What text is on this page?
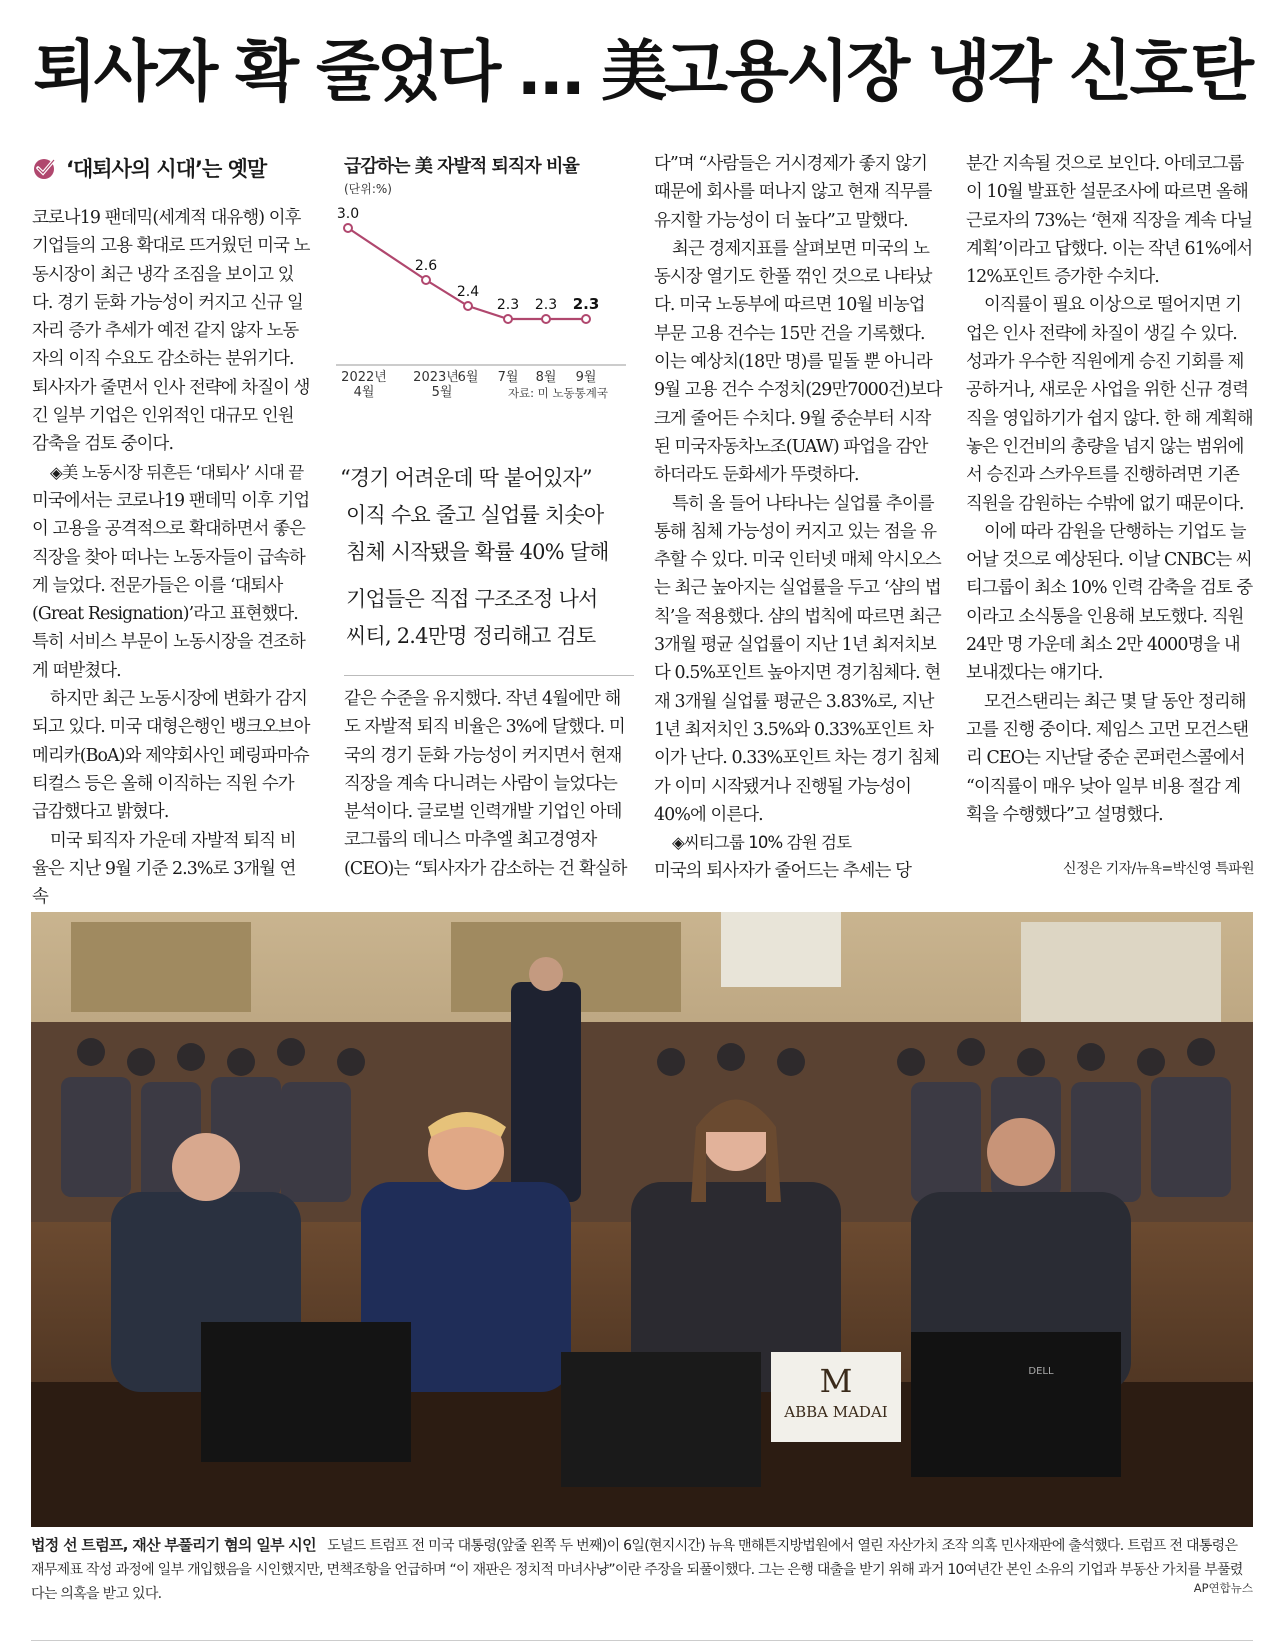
퇴사자 확 줄었다 … 美고용시장 냉각 신호탄
‘대퇴사의 시대’는 옛말

코로나19 팬데믹(세계적 대유행) 이후 기업들의 고용 확대로 뜨거웠던 미국 노동시장이 최근 냉각 조짐을 보이고 있다. 경기 둔화 가능성이 커지고 신규 일자리 증가 추세가 예전 같지 않자 노동자의 이직 수요도 감소하는 분위기다. 퇴사자가 줄면서 인사 전략에 차질이 생긴 일부 기업은 인위적인 대규모 인원 감축을 검토 중이다.

◈美 노동시장 뒤흔든 ‘대퇴사’ 시대 끝

미국에서는 코로나19 팬데믹 이후 기업이 고용을 공격적으로 확대하면서 좋은 직장을 찾아 떠나는 노동자들이 급속하게 늘었다. 전문가들은 이를 ‘대퇴사(Great Resignation)’라고 표현했다. 특히 서비스 부문이 노동시장을 견조하게 떠받쳤다.

하지만 최근 노동시장에 변화가 감지되고 있다. 미국 대형은행인 뱅크오브아메리카(BoA)와 제약회사인 페링파마슈티컬스 등은 올해 이직하는 직원 수가 급감했다고 밝혔다.

미국 퇴직자 가운데 자발적 퇴직 비율은 지난 9월 기준 2.3%로 3개월 연속

급감하는 美 자발적 퇴직자 비율
(단위:%)
3.0
4월
2.6
5월
2.4
6월
2.3
7월
2.3
8월
2.3
9월
2022년 2023년
자료: 미 노동통계국
“경기 어려운데 딱 붙어있자”
이직 수요 줄고 실업률 치솟아
침체 시작됐을 확률 40% 달해
기업들은 직접 구조조정 나서
씨티, 2.4만명 정리해고 검토

같은 수준을 유지했다. 작년 4월에만 해도 자발적 퇴직 비율은 3%에 달했다. 미국의 경기 둔화 가능성이 커지면서 현재 직장을 계속 다니려는 사람이 늘었다는 분석이다. 글로벌 인력개발 기업인 아데코그룹의 데니스 마추엘 최고경영자(CEO)는 “퇴사자가 감소하는 건 확실하

다”며 “사람들은 거시경제가 좋지 않기 때문에 회사를 떠나지 않고 현재 직무를 유지할 가능성이 더 높다”고 말했다.

최근 경제지표를 살펴보면 미국의 노동시장 열기도 한풀 꺾인 것으로 나타났다. 미국 노동부에 따르면 10월 비농업 부문 고용 건수는 15만 건을 기록했다. 이는 예상치(18만 명)를 밑돌 뿐 아니라 9월 고용 건수 수정치(29만7000건)보다 크게 줄어든 수치다. 9월 중순부터 시작된 미국자동차노조(UAW) 파업을 감안하더라도 둔화세가 뚜렷하다.

특히 올 들어 나타나는 실업률 추이를 통해 침체 가능성이 커지고 있는 점을 유추할 수 있다. 미국 인터넷 매체 악시오스는 최근 높아지는 실업률을 두고 ‘샴의 법칙’을 적용했다. 샴의 법칙에 따르면 최근 3개월 평균 실업률이 지난 1년 최저치보다 0.5%포인트 높아지면 경기침체다. 현재 3개월 실업률 평균은 3.83%로, 지난 1년 최저치인 3.5%와 0.33%포인트 차이가 난다. 0.33%포인트 차는 경기 침체가 이미 시작됐거나 진행될 가능성이 40%에 이른다.

◈씨티그룹 10% 감원 검토

미국의 퇴사자가 줄어드는 추세는 당

분간 지속될 것으로 보인다. 아데코그룹이 10월 발표한 설문조사에 따르면 올해 근로자의 73%는 ‘현재 직장을 계속 다닐 계획’이라고 답했다. 이는 작년 61%에서 12%포인트 증가한 수치다.

이직률이 필요 이상으로 떨어지면 기업은 인사 전략에 차질이 생길 수 있다. 성과가 우수한 직원에게 승진 기회를 제공하거나, 새로운 사업을 위한 신규 경력직을 영입하기가 쉽지 않다. 한 해 계획해 놓은 인건비의 총량을 넘지 않는 범위에서 승진과 스카우트를 진행하려면 기존 직원을 감원하는 수밖에 없기 때문이다.

이에 따라 감원을 단행하는 기업도 늘어날 것으로 예상된다. 이날 CNBC는 씨티그룹이 최소 10% 인력 감축을 검토 중이라고 소식통을 인용해 보도했다. 직원 24만 명 가운데 최소 2만 4000명을 내보내겠다는 얘기다.

모건스탠리는 최근 몇 달 동안 정리해고를 진행 중이다. 제임스 고먼 모건스탠리 CEO는 지난달 중순 콘퍼런스콜에서 “이직률이 매우 낮아 일부 비용 절감 계획을 수행했다”고 설명했다.

신정은 기자/뉴욕=박신영 특파원
M
ABBA MADAI
DELL
법정 선 트럼프, 재산 부풀리기 혐의 일부 시인 도널드 트럼프 전 미국 대통령(앞줄 왼쪽 두 번째)이 6일(현지시간) 뉴욕 맨해튼지방법원에서 열린 자산가치 조작 의혹 민사재판에 출석했다. 트럼프 전 대통령은 재무제표 작성 과정에 일부 개입했음을 시인했지만, 면책조항을 언급하며 “이 재판은 정치적 마녀사냥”이란 주장을 되풀이했다. 그는 은행 대출을 받기 위해 과거 10여년간 본인 소유의 기업과 부동산 가치를 부풀렸다는 의혹을 받고 있다.	AP연합뉴스
